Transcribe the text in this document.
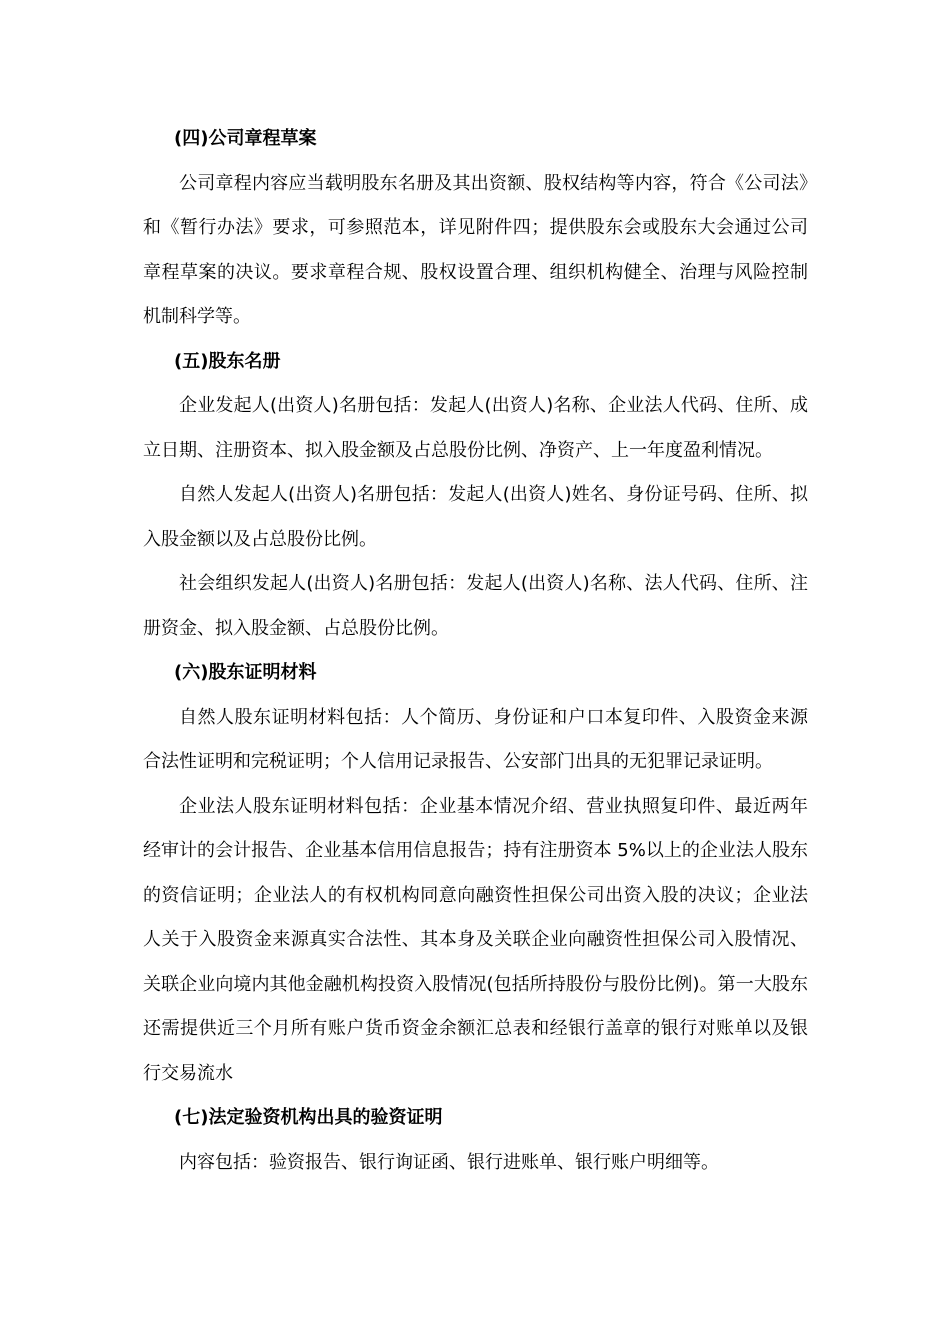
(四)公司章程草案

公司章程内容应当载明股东名册及其出资额、股权结构等内容，符合《公司法》和《暂行办法》要求，可参照范本，详见附件四；提供股东会或股东大会通过公司章程草案的决议。要求章程合规、股权设置合理、组织机构健全、治理与风险控制机制科学等。

(五)股东名册

企业发起人(出资人)名册包括：发起人(出资人)名称、企业法人代码、住所、成立日期、注册资本、拟入股金额及占总股份比例、净资产、上一年度盈利情况。

自然人发起人(出资人)名册包括：发起人(出资人)姓名、身份证号码、住所、拟入股金额以及占总股份比例。

社会组织发起人(出资人)名册包括：发起人(出资人)名称、法人代码、住所、注册资金、拟入股金额、占总股份比例。

(六)股东证明材料

自然人股东证明材料包括：人个简历、身份证和户口本复印件、入股资金来源合法性证明和完税证明；个人信用记录报告、公安部门出具的无犯罪记录证明。

企业法人股东证明材料包括：企业基本情况介绍、营业执照复印件、最近两年经审计的会计报告、企业基本信用信息报告；持有注册资本 5%以上的企业法人股东的资信证明；企业法人的有权机构同意向融资性担保公司出资入股的决议；企业法人关于入股资金来源真实合法性、其本身及关联企业向融资性担保公司入股情况、关联企业向境内其他金融机构投资入股情况(包括所持股份与股份比例)。第一大股东还需提供近三个月所有账户货币资金余额汇总表和经银行盖章的银行对账单以及银行交易流水

(七)法定验资机构出具的验资证明

内容包括：验资报告、银行询证函、银行进账单、银行账户明细等。
